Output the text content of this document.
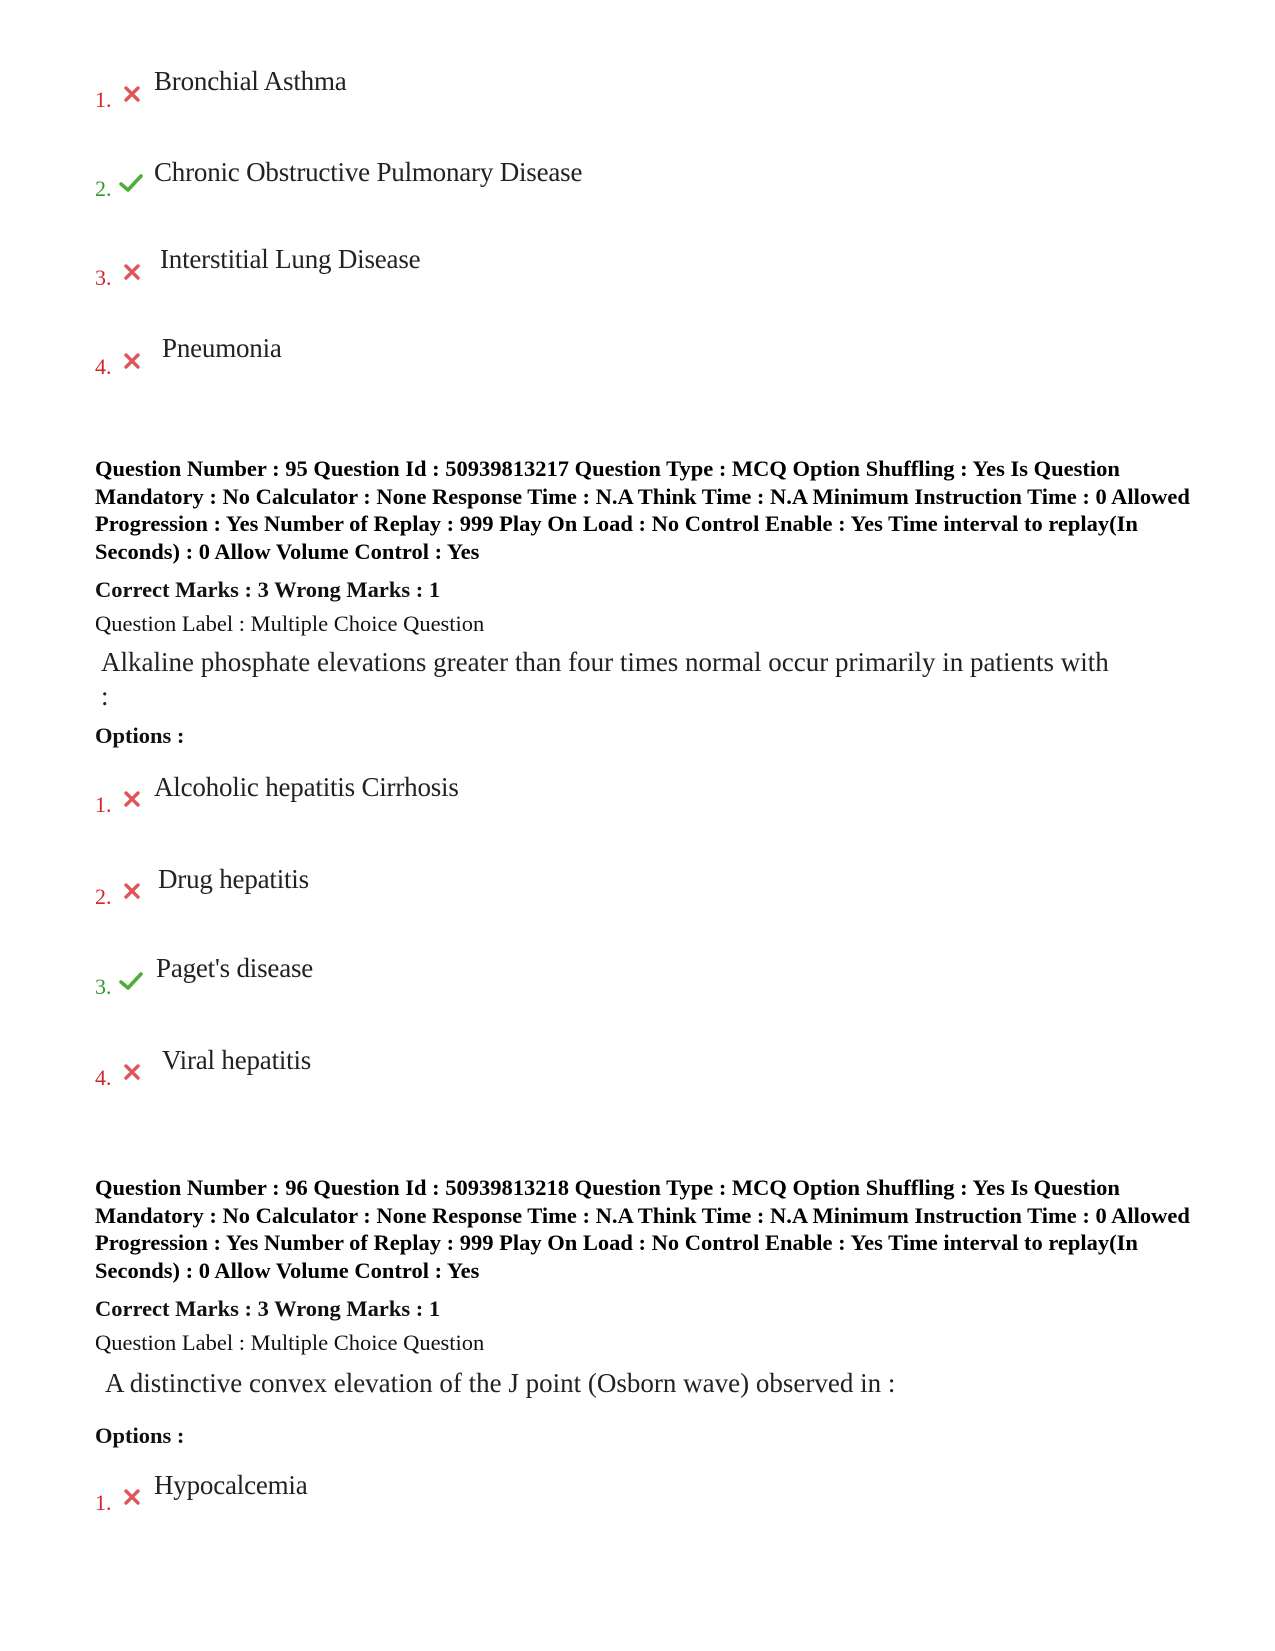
1.
Bronchial Asthma
2.
Chronic Obstructive Pulmonary Disease
3.
Interstitial Lung Disease
4.
Pneumonia
Question Number : 95 Question Id : 50939813217 Question Type : MCQ Option Shuffling : Yes Is Question Mandatory : No Calculator : None Response Time : N.A Think Time : N.A Minimum Instruction Time : 0 Allowed Progression : Yes Number of Replay : 999 Play On Load : No Control Enable : Yes Time interval to replay(In Seconds) : 0 Allow Volume Control : Yes
Correct Marks : 3 Wrong Marks : 1
Question Label : Multiple Choice Question
Alkaline phosphate elevations greater than four times normal occur primarily in patients with :
Options :
1.
Alcoholic hepatitis Cirrhosis
2.
Drug hepatitis
3.
Paget's disease
4.
Viral hepatitis
Question Number : 96 Question Id : 50939813218 Question Type : MCQ Option Shuffling : Yes Is Question Mandatory : No Calculator : None Response Time : N.A Think Time : N.A Minimum Instruction Time : 0 Allowed Progression : Yes Number of Replay : 999 Play On Load : No Control Enable : Yes Time interval to replay(In Seconds) : 0 Allow Volume Control : Yes
Correct Marks : 3 Wrong Marks : 1
Question Label : Multiple Choice Question
A distinctive convex elevation of the J point (Osborn wave) observed in :
Options :
1.
Hypocalcemia
